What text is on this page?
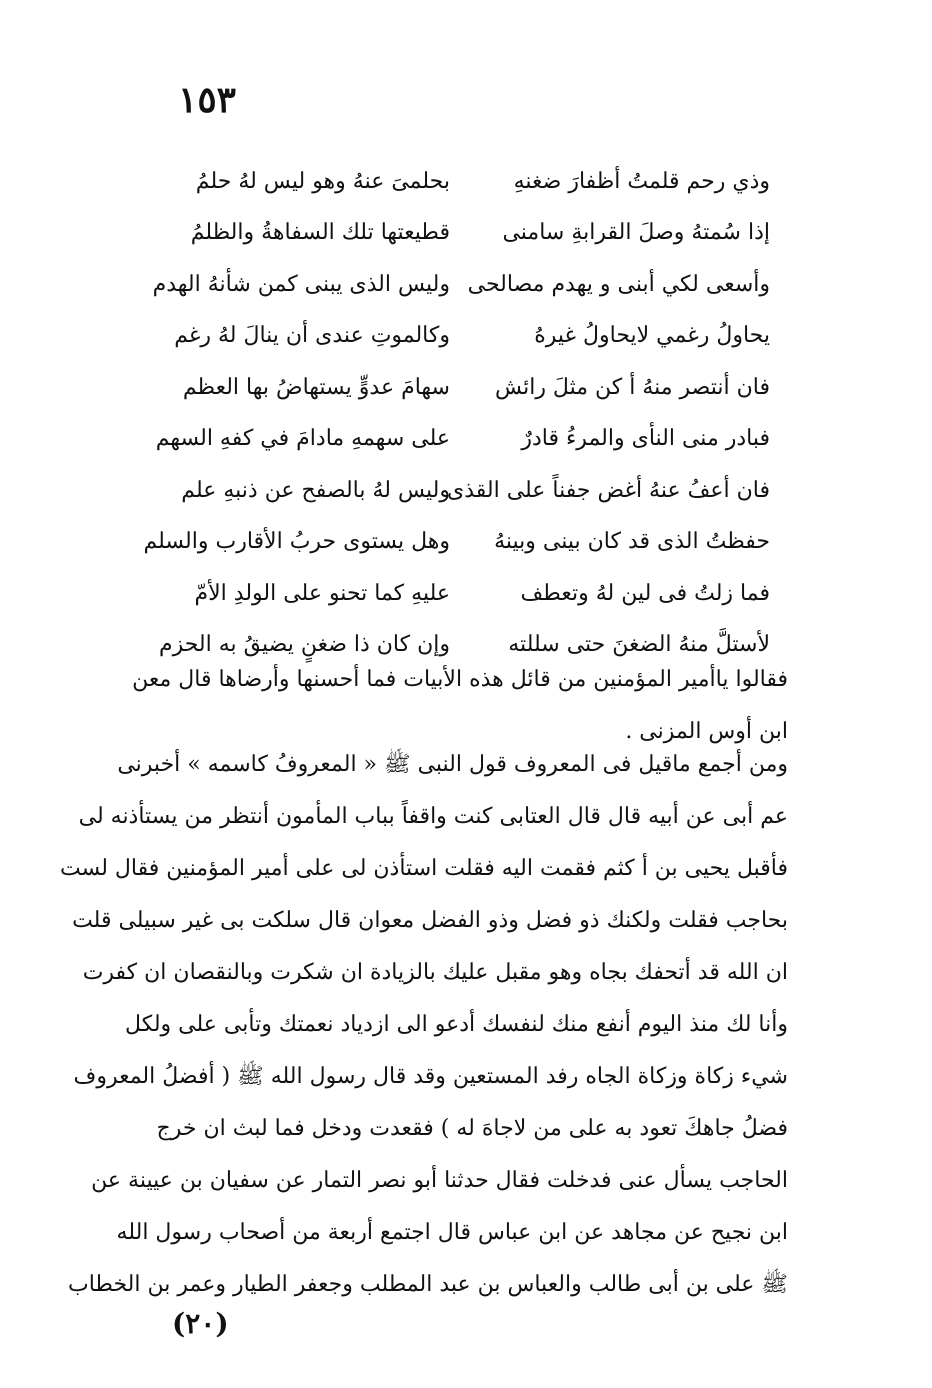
١٥٣
وذي رحم قلمتُ أظفارَ ضغنهِ
بحلمىَ عنهُ وهو ليس لهُ حلمُ
إذا سُمتهُ وصلَ القرابةِ سامنى
قطيعتها تلك السفاهةُ والظلمُ
وأسعى لكي أبنى و يهدم مصالحى
وليس الذى يبنى كمن شأنهُ الهدم
يحاولُ رغمي لايحاولُ غيرهُ
وكالموتِ عندى أن ينالَ لهُ رغم
فان أنتصر منهُ أ كن مثلَ رائش
سهامَ عدوٍّ يستهاضُ بها العظم
فبادر منى النأى والمرءُ قادرٌ
على سهمهِ مادامَ في كفهِ السهم
فان أعفُ عنهُ أغض جفناً على القذى
وليس لهُ بالصفح عن ذنبهِ علم
حفظتُ الذى قد كان بينى وبينهُ
وهل يستوى حربُ الأقارب والسلم
فما زلتُ فى لين لهُ وتعطف
عليهِ كما تحنو على الولدِ الأمّ
لأستلَّ منهُ الضغنَ حتى سللته
وإن كان ذا ضغنٍ يضيقُ به الحزم
فقالوا ياأمير المؤمنين من قائل هذه الأبيات فما أحسنها وأرضاها قال معن
ابن أوس المزنى .
ومن أجمع ماقيل فى المعروف قول النبى ﷺ « المعروفُ كاسمه » أخبرنى
عم أبى عن أبيه قال قال العتابى كنت واقفاً بباب المأمون أنتظر من يستأذنه لى
فأقبل يحيى بن أ كثم فقمت اليه فقلت استأذن لى على أمير المؤمنين فقال لست
بحاجب فقلت ولكنك ذو فضل وذو الفضل معوان قال سلكت بى غير سبيلى قلت
ان الله قد أتحفك بجاه وهو مقبل عليك بالزيادة ان شكرت وبالنقصان ان كفرت
وأنا لك منذ اليوم أنفع منك لنفسك أدعو الى ازدياد نعمتك وتأبى على ولكل
شيء زكاة وزكاة الجاه رفد المستعين وقد قال رسول الله ﷺ ( أفضلُ المعروف
فضلُ جاهكَ تعود به على من لاجاهَ له ) فقعدت ودخل فما لبث ان خرج
الحاجب يسأل عنى فدخلت فقال حدثنا أبو نصر التمار عن سفيان بن عيينة عن
ابن نجيح عن مجاهد عن ابن عباس قال اجتمع أربعة من أصحاب رسول الله
ﷺ على بن أبى طالب والعباس بن عبد المطلب وجعفر الطيار وعمر بن الخطاب
(٢٠)
